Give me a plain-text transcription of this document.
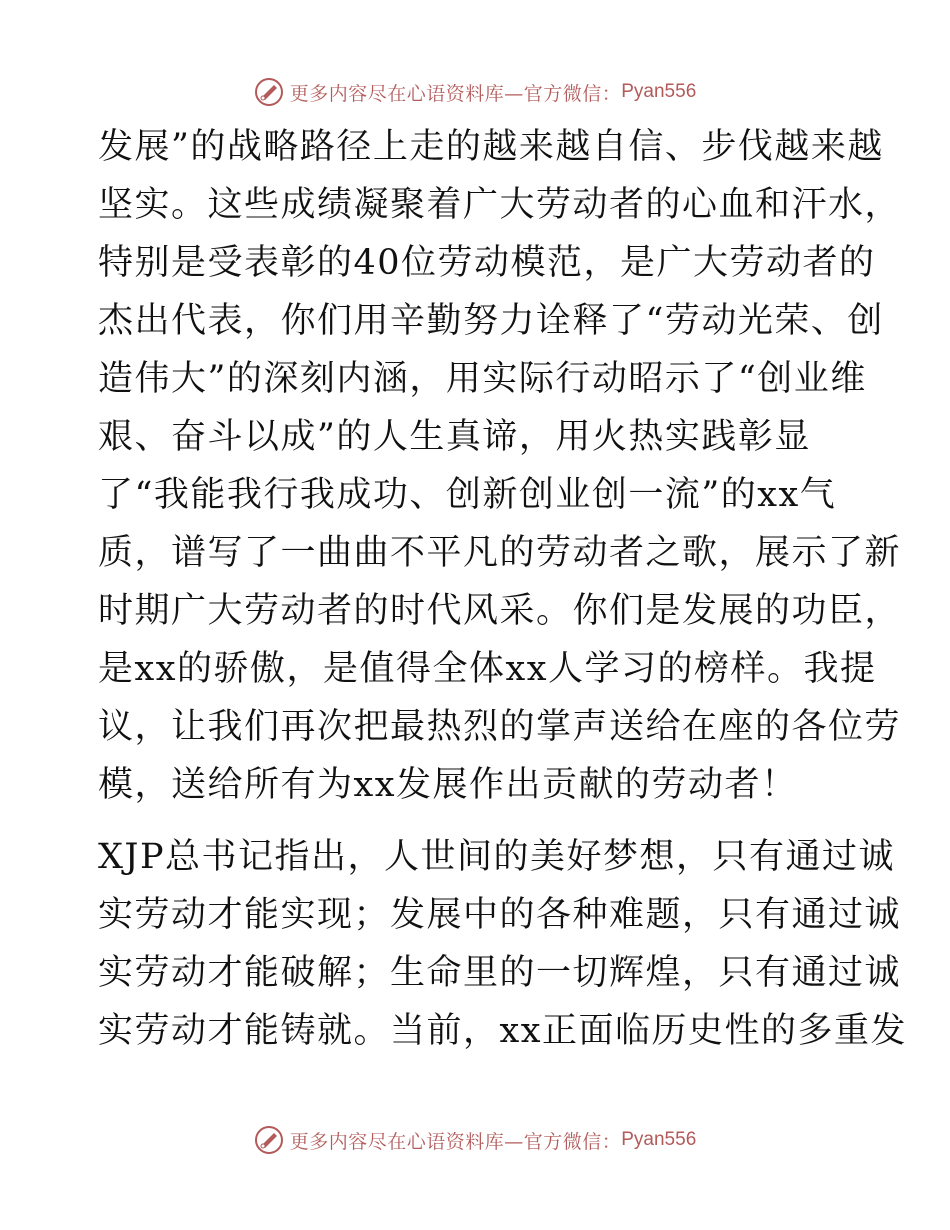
更多内容尽在心语资料库—官方微信： Pyan556
发展”的战略路径上走的越来越自信、步伐越来越
坚实。这些成绩凝聚着广大劳动者的心血和汗水，
特别是受表彰的40位劳动模范，是广大劳动者的
杰出代表，你们用辛勤努力诠释了“劳动光荣、创
造伟大”的深刻内涵，用实际行动昭示了“创业维
艰、奋斗以成”的人生真谛，用火热实践彰显
了“我能我行我成功、创新创业创一流”的xx气
质，谱写了一曲曲不平凡的劳动者之歌，展示了新
时期广大劳动者的时代风采。你们是发展的功臣，
是xx的骄傲，是值得全体xx人学习的榜样。我提
议，让我们再次把最热烈的掌声送给在座的各位劳
模，送给所有为xx发展作出贡献的劳动者！
XJP总书记指出，人世间的美好梦想，只有通过诚
实劳动才能实现；发展中的各种难题，只有通过诚
实劳动才能破解；生命里的一切辉煌，只有通过诚
实劳动才能铸就。当前，xx正面临历史性的多重发
更多内容尽在心语资料库—官方微信： Pyan556
